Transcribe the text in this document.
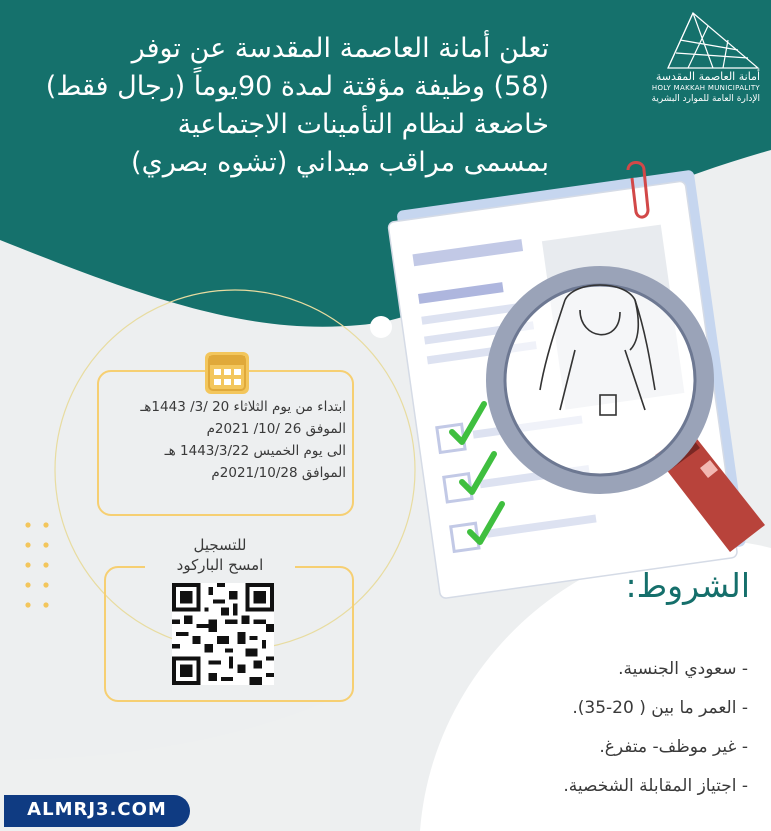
أمانة العاصمة المقدسة
HOLY MAKKAH MUNICIPALITY
الإدارة العامة للموارد البشرية
تعلن أمانة العاصمة المقدسة عن توفر
(58) وظيفة مؤقتة لمدة 90يوماً (رجال فقط)
خاضعة لنظام التأمينات الاجتماعية
بمسمى مراقب ميداني (تشوه بصري)
ابتداء من يوم الثلاثاء 20 /3/ 1443هـ
الموفق 26 /10/ 2021م
الى يوم الخميس 1443/3/22 هـ
الموافق 2021/10/28م
للتسجيل
امسح الباركود
الشروط:
- سعودي الجنسية.
- العمر ما بين ( 20-35).
- غير موظف- متفرغ.
- اجتياز المقابلة الشخصية.
ALMRJ3.COM
